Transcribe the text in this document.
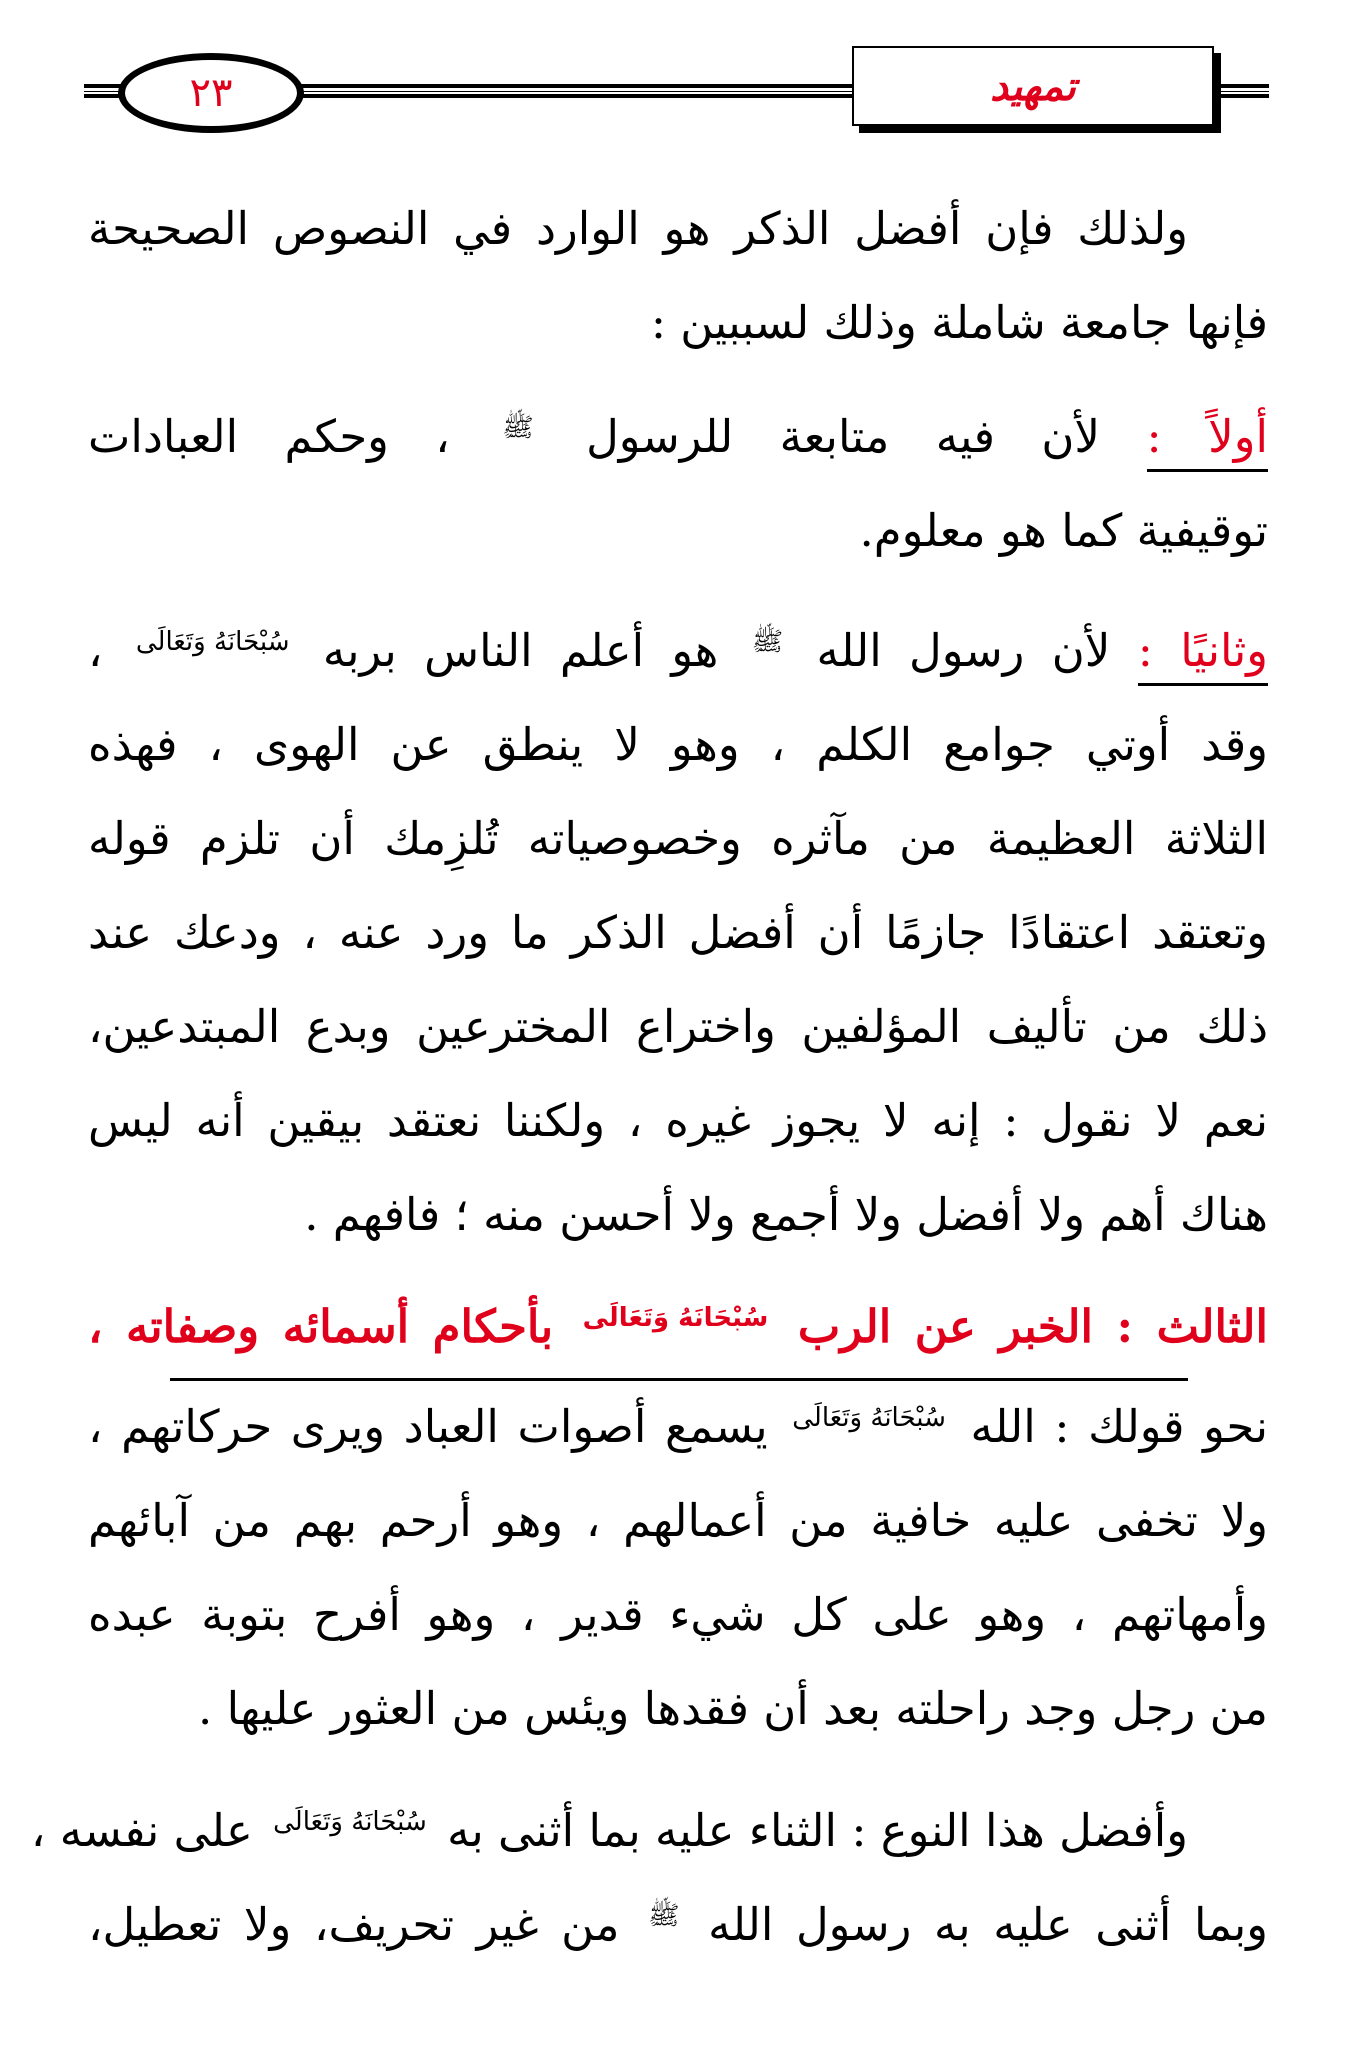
٢٣	تمهيد
ولذلك فإن أفضل الذكر هو الوارد في النصوص الصحيحة
فإنها جامعة شاملة وذلك لسببين :
أولاً : لأن فيه متابعة للرسول ﷺ ، وحكم العبادات
توقيفية كما هو معلوم.
وثانيًا : لأن رسول الله ﷺ هو أعلم الناس بربه سُبْحَانَهُ وَتَعَالَى ،
وقد أوتي جوامع الكلم ، وهو لا ينطق عن الهوى ، فهذه
الثلاثة العظيمة من مآثره وخصوصياته تُلزِمك أن تلزم قوله
وتعتقد اعتقادًا جازمًا أن أفضل الذكر ما ورد عنه ، ودعك عند
ذلك من تأليف المؤلفين واختراع المخترعين وبدع المبتدعين،
نعم لا نقول : إنه لا يجوز غيره ، ولكننا نعتقد بيقين أنه ليس
هناك أهم ولا أفضل ولا أجمع ولا أحسن منه ؛ فافهم .
الثالث : الخبر عن الرب سُبْحَانَهُ وَتَعَالَى بأحكام أسمائه وصفاته ،
نحو قولك : الله سُبْحَانَهُ وَتَعَالَى يسمع أصوات العباد ويرى حركاتهم ،
ولا تخفى عليه خافية من أعمالهم ، وهو أرحم بهم من آبائهم
وأمهاتهم ، وهو على كل شيء قدير ، وهو أفرح بتوبة عبده
من رجل وجد راحلته بعد أن فقدها ويئس من العثور عليها .
وأفضل هذا النوع : الثناء عليه بما أثنى به سُبْحَانَهُ وَتَعَالَى على نفسه ،
وبما أثنى عليه به رسول الله ﷺ من غير تحريف، ولا تعطيل،
